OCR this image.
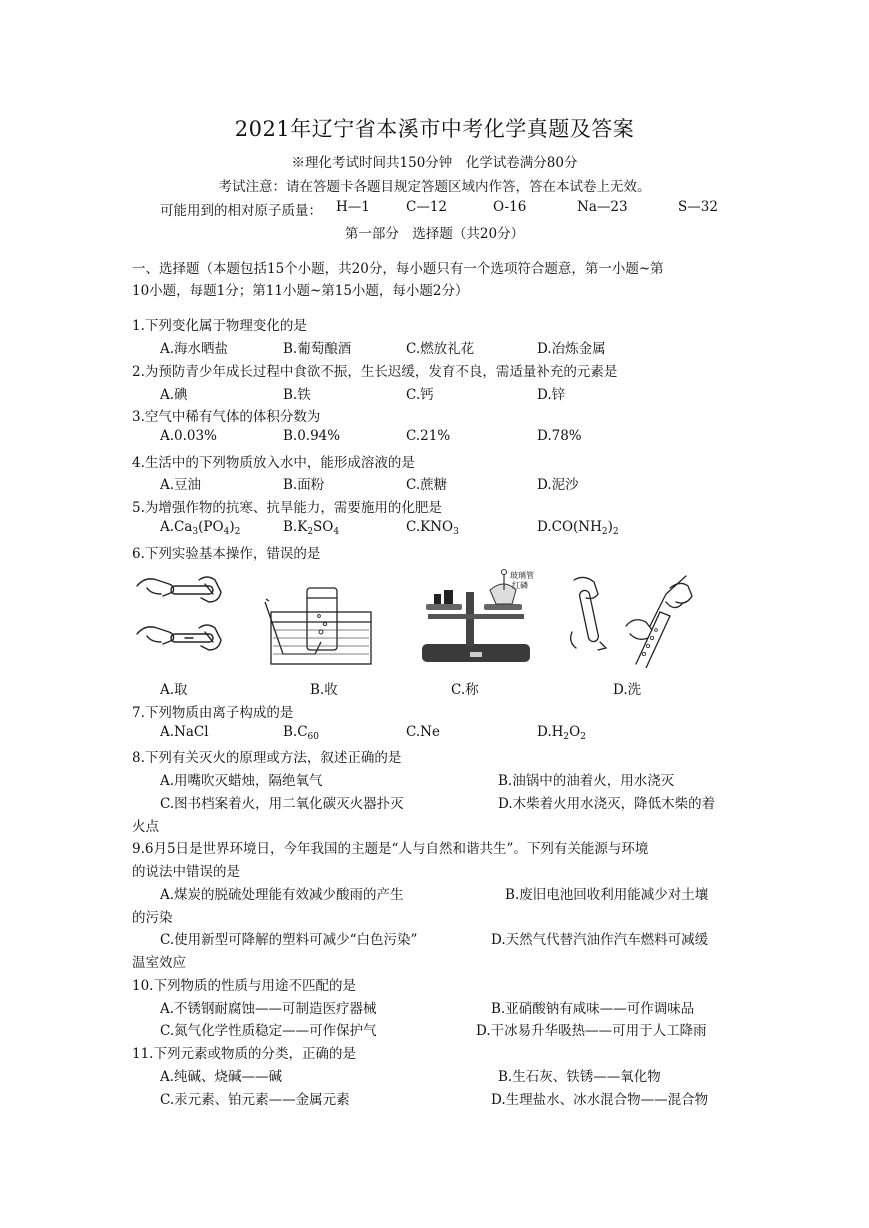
2021年辽宁省本溪市中考化学真题及答案
※理化考试时间共150分钟　化学试卷满分80分
考试注意：请在答题卡各题目规定答题区域内作答，答在本试卷上无效。
可能用到的相对原子质量： H—1	C—12	O-16	Na—23	S—32
第一部分　选择题（共20分）
一、选择题（本题包括15个小题，共20分，每小题只有一个选项符合题意，第一小题~第
10小题，每题1分；第11小题~第15小题，每小题2分）
1.下列变化属于物理变化的是
A.海水晒盐	B.葡萄酿酒	C.燃放礼花	D.冶炼金属
2.为预防青少年成长过程中食欲不振，生长迟缓，发育不良，需适量补充的元素是
A.碘	B.铁	C.钙	D.锌
3.空气中稀有气体的体积分数为
A.0.03%	B.0.94%	C.21%	D.78%
4.生活中的下列物质放入水中，能形成溶液的是
A.豆油	B.面粉	C.蔗糖	D.泥沙
5.为增强作物的抗寒、抗旱能力，需要施用的化肥是
$A.Ca_3(PO_4)_2$	$B.K_2SO_4$	$C.KNO_3$	$D.CO(NH_2)_2$
6.下列实验基本操作，错误的是
玻璃管
红磷
A.取	B.收	C.称	D.洗
7.下列物质由离子构成的是
A.NaCl	$B.C_{60}$	C.Ne	$D.H_2O_2$
8.下列有关灭火的原理或方法，叙述正确的是
A.用嘴吹灭蜡烛，隔绝氧气	B.油锅中的油着火，用水浇灭
C.图书档案着火，用二氧化碳灭火器扑灭	D.木柴着火用水浇灭，降低木柴的着
火点
9.6月5日是世界环境日，今年我国的主题是“人与自然和谐共生”。下列有关能源与环境
的说法中错误的是
A.煤炭的脱硫处理能有效减少酸雨的产生	B.废旧电池回收利用能减少对土壤
的污染
C.使用新型可降解的塑料可减少“白色污染”	D.天然气代替汽油作汽车燃料可减缓
温室效应
10.下列物质的性质与用途不匹配的是
A.不锈钢耐腐蚀——可制造医疗器械	B.亚硝酸钠有咸味——可作调味品
C.氮气化学性质稳定——可作保护气	D.干冰易升华吸热——可用于人工降雨
11.下列元素或物质的分类，正确的是
A.纯碱、烧碱——碱	B.生石灰、铁锈——氧化物
C.汞元素、铂元素——金属元素	D.生理盐水、冰水混合物——混合物
